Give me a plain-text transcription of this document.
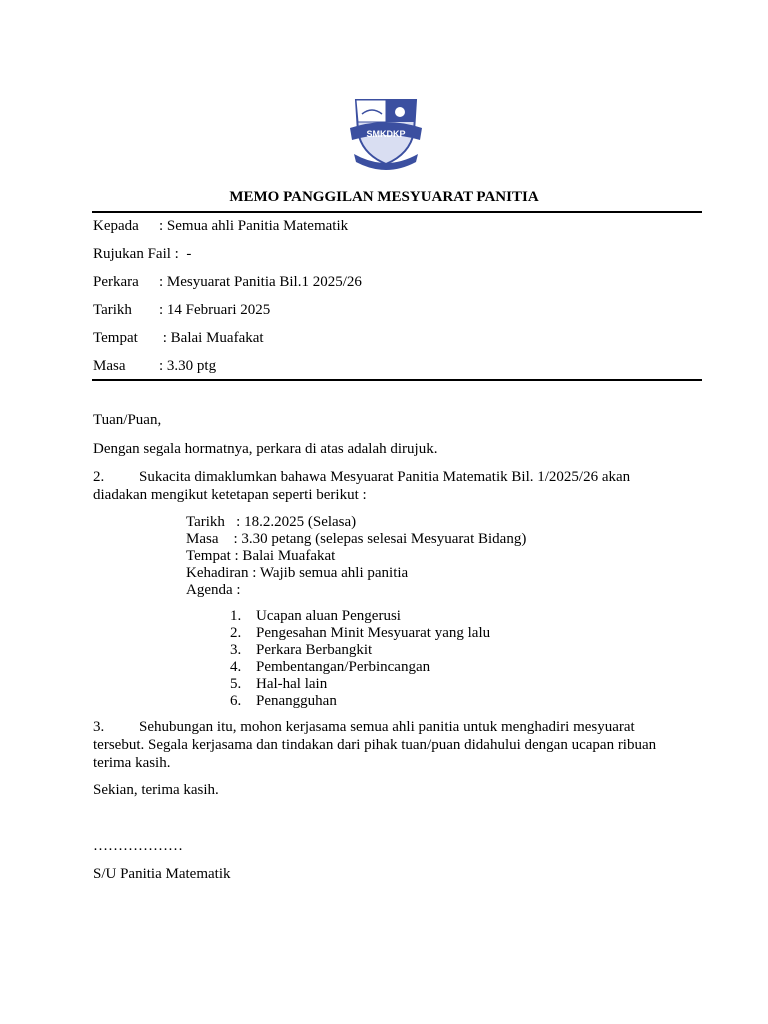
SMKDKP
MEMO PANGGILAN MESYUARAT PANITIA
Kepada : Semua ahli Panitia Matematik
Rujukan Fail :  -
Perkara : Mesyuarat Panitia Bil.1 2025/26
Tarikh : 14 Februari 2025
Tempat : Balai Muafakat
Masa : 3.30 ptg
Tuan/Puan,
Dengan segala hormatnya, perkara di atas adalah dirujuk.
2. Sukacita dimaklumkan bahawa Mesyuarat Panitia Matematik Bil. 1/2025/26 akan diadakan mengikut ketetapan seperti berikut :
Tarikh   : 18.2.2025 (Selasa)
Masa    : 3.30 petang (selepas selesai Mesyuarat Bidang)
Tempat : Balai Muafakat
Kehadiran : Wajib semua ahli panitia
Agenda :
1. Ucapan aluan Pengerusi
2. Pengesahan Minit Mesyuarat yang lalu
3. Perkara Berbangkit
4. Pembentangan/Perbincangan
5. Hal-hal lain
6. Penangguhan
3. Sehubungan itu, mohon kerjasama semua ahli panitia untuk menghadiri mesyuarat tersebut. Segala kerjasama dan tindakan dari pihak tuan/puan didahului dengan ucapan ribuan terima kasih.
Sekian, terima kasih.
………………
S/U Panitia Matematik
